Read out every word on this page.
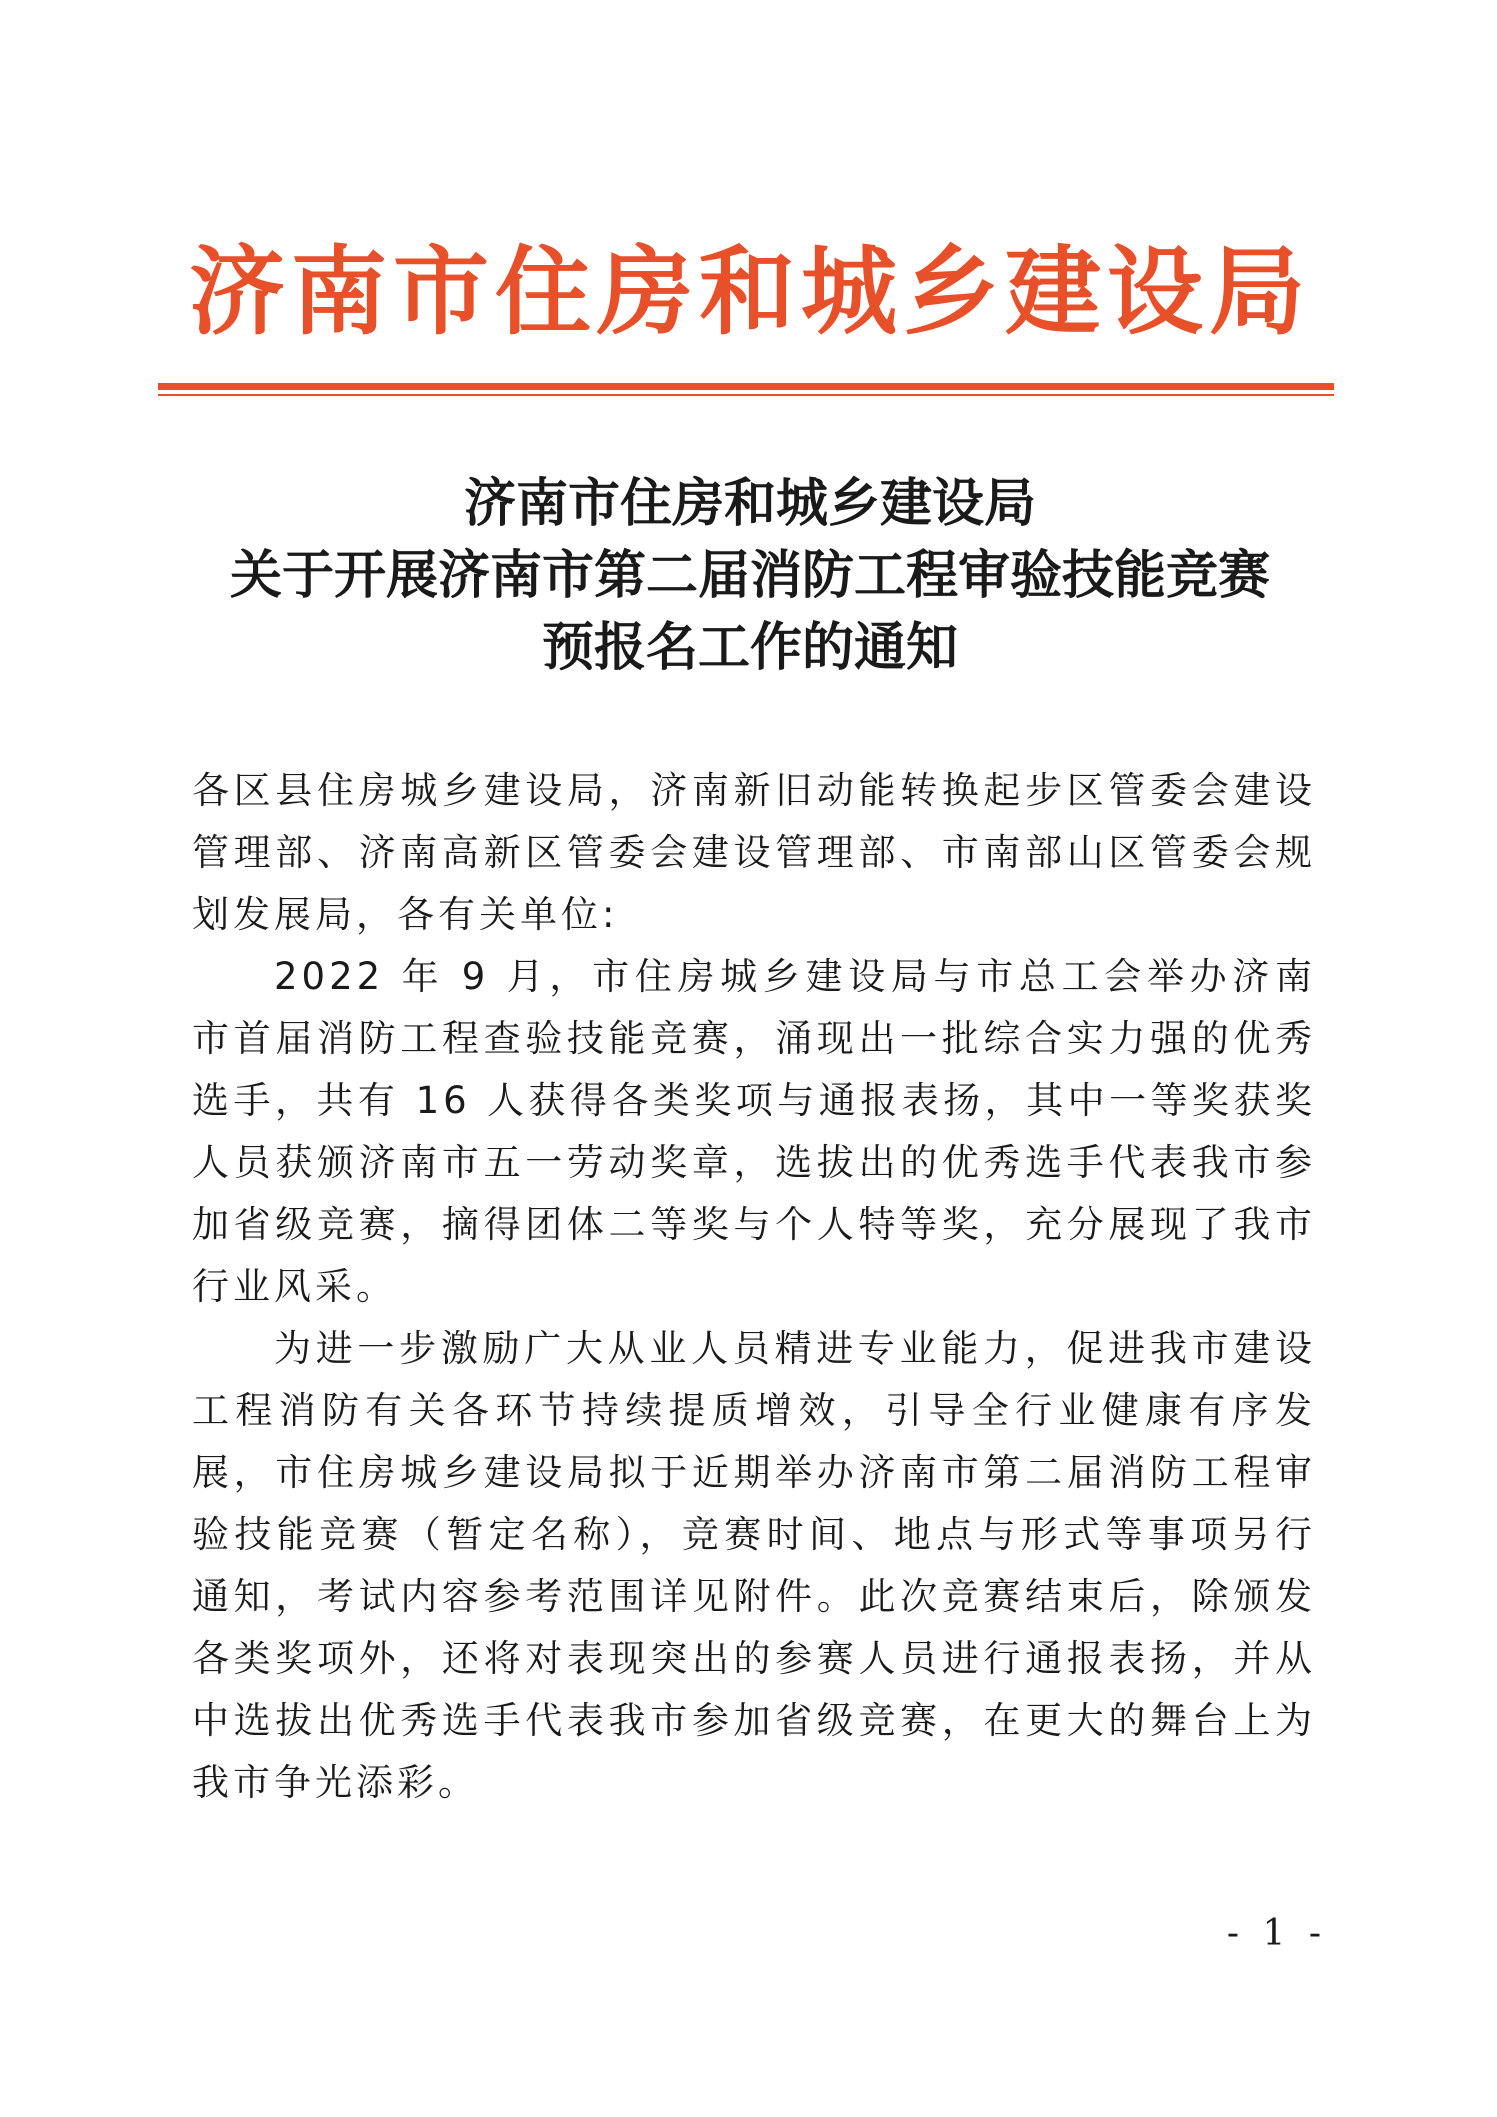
济南市住房和城乡建设局
济南市住房和城乡建设局
关于开展济南市第二届消防工程审验技能竞赛
预报名工作的通知

各区县住房城乡建设局，济南新旧动能转换起步区管委会建设管理部、济南高新区管委会建设管理部、市南部山区管委会规划发展局，各有关单位:

2022 年 9 月，市住房城乡建设局与市总工会举办济南市首届消防工程查验技能竞赛，涌现出一批综合实力强的优秀选手，共有 16 人获得各类奖项与通报表扬，其中一等奖获奖人员获颁济南市五一劳动奖章，选拔出的优秀选手代表我市参加省级竞赛，摘得团体二等奖与个人特等奖，充分展现了我市行业风采。

为进一步激励广大从业人员精进专业能力，促进我市建设工程消防有关各环节持续提质增效，引导全行业健康有序发展，市住房城乡建设局拟于近期举办济南市第二届消防工程审验技能竞赛（暂定名称），竞赛时间、地点与形式等事项另行通知，考试内容参考范围详见附件。此次竞赛结束后，除颁发各类奖项外，还将对表现突出的参赛人员进行通报表扬，并从中选拔出优秀选手代表我市参加省级竞赛，在更大的舞台上为我市争光添彩。

- 1 -
